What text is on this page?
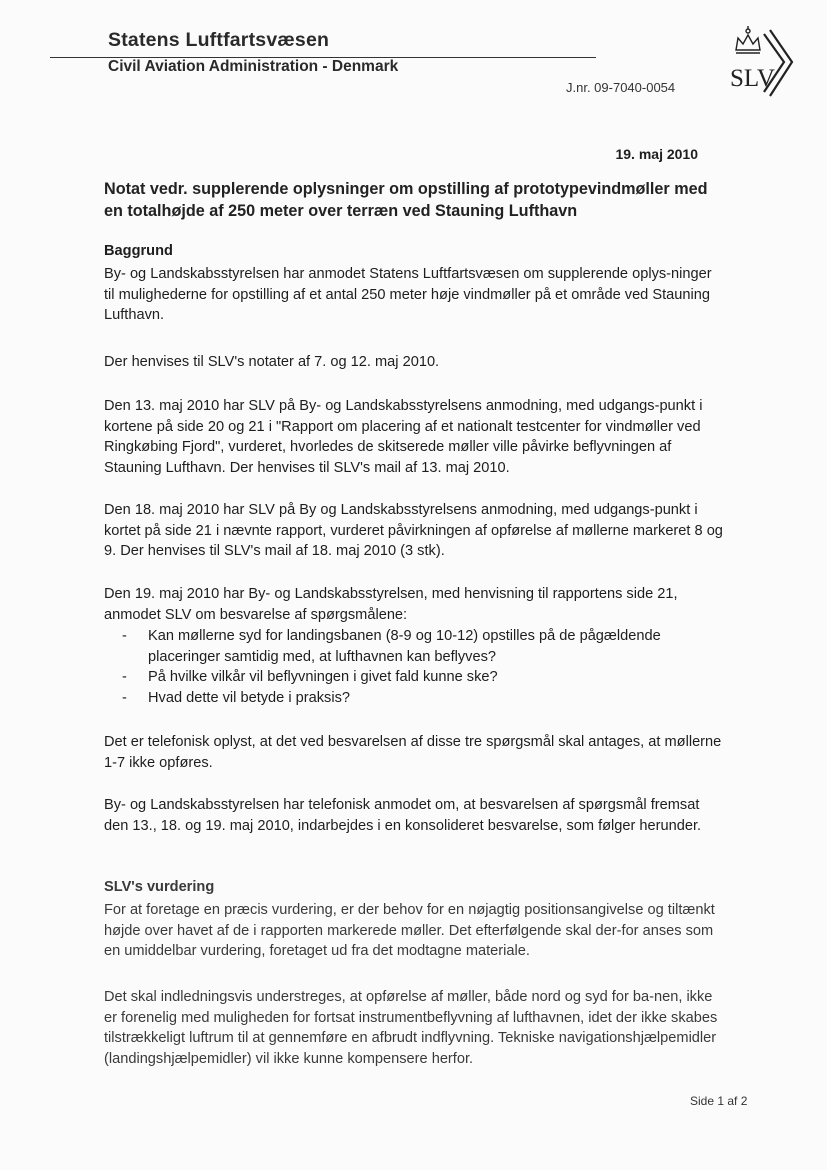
Statens Luftfartsvæsen
Civil Aviation Administration - Denmark
J.nr. 09-7040-0054 SLV
19. maj 2010
Notat vedr. supplerende oplysninger om opstilling af prototypevindmøller med en totalhøjde af 250 meter over terræn ved Stauning Lufthavn
Baggrund
By- og Landskabsstyrelsen har anmodet Statens Luftfartsvæsen om supplerende oplys-ninger til mulighederne for opstilling af et antal 250 meter høje vindmøller på et område ved Stauning Lufthavn.
Der henvises til SLV's notater af 7. og 12. maj 2010.
Den 13. maj 2010 har SLV på By- og Landskabsstyrelsens anmodning, med udgangs-punkt i kortene på side 20 og 21 i "Rapport om placering af et nationalt testcenter for vindmøller ved Ringkøbing Fjord", vurderet, hvorledes de skitserede møller ville påvirke beflyvningen af Stauning Lufthavn. Der henvises til SLV's mail af 13. maj 2010.
Den 18. maj 2010 har SLV på By og Landskabsstyrelsens anmodning, med udgangs-punkt i kortet på side 21 i nævnte rapport, vurderet påvirkningen af opførelse af møllerne markeret 8 og 9. Der henvises til SLV's mail af 18. maj 2010 (3 stk).
Den 19. maj 2010 har By- og Landskabsstyrelsen, med henvisning til rapportens side 21, anmodet SLV om besvarelse af spørgsmålene:
- Kan møllerne syd for landingsbanen (8-9 og 10-12) opstilles på de pågældende placeringer samtidig med, at lufthavnen kan beflyves?
- På hvilke vilkår vil beflyvningen i givet fald kunne ske?
- Hvad dette vil betyde i praksis?
Det er telefonisk oplyst, at det ved besvarelsen af disse tre spørgsmål skal antages, at møllerne 1-7 ikke opføres.
By- og Landskabsstyrelsen har telefonisk anmodet om, at besvarelsen af spørgsmål fremsat den 13., 18. og 19. maj 2010, indarbejdes i en konsolideret besvarelse, som følger herunder.
SLV's vurdering
For at foretage en præcis vurdering, er der behov for en nøjagtig positionsangivelse og tiltænkt højde over havet af de i rapporten markerede møller. Det efterfølgende skal der-for anses som en umiddelbar vurdering, foretaget ud fra det modtagne materiale.
Det skal indledningsvis understreges, at opførelse af møller, både nord og syd for ba-nen, ikke er forenelig med muligheden for fortsat instrumentbeflyvning af lufthavnen, idet der ikke skabes tilstrækkeligt luftrum til at gennemføre en afbrudt indflyvning. Tekniske navigationshjælpemidler (landingshjælpemidler) vil ikke kunne kompensere herfor.
Side 1 af 2
